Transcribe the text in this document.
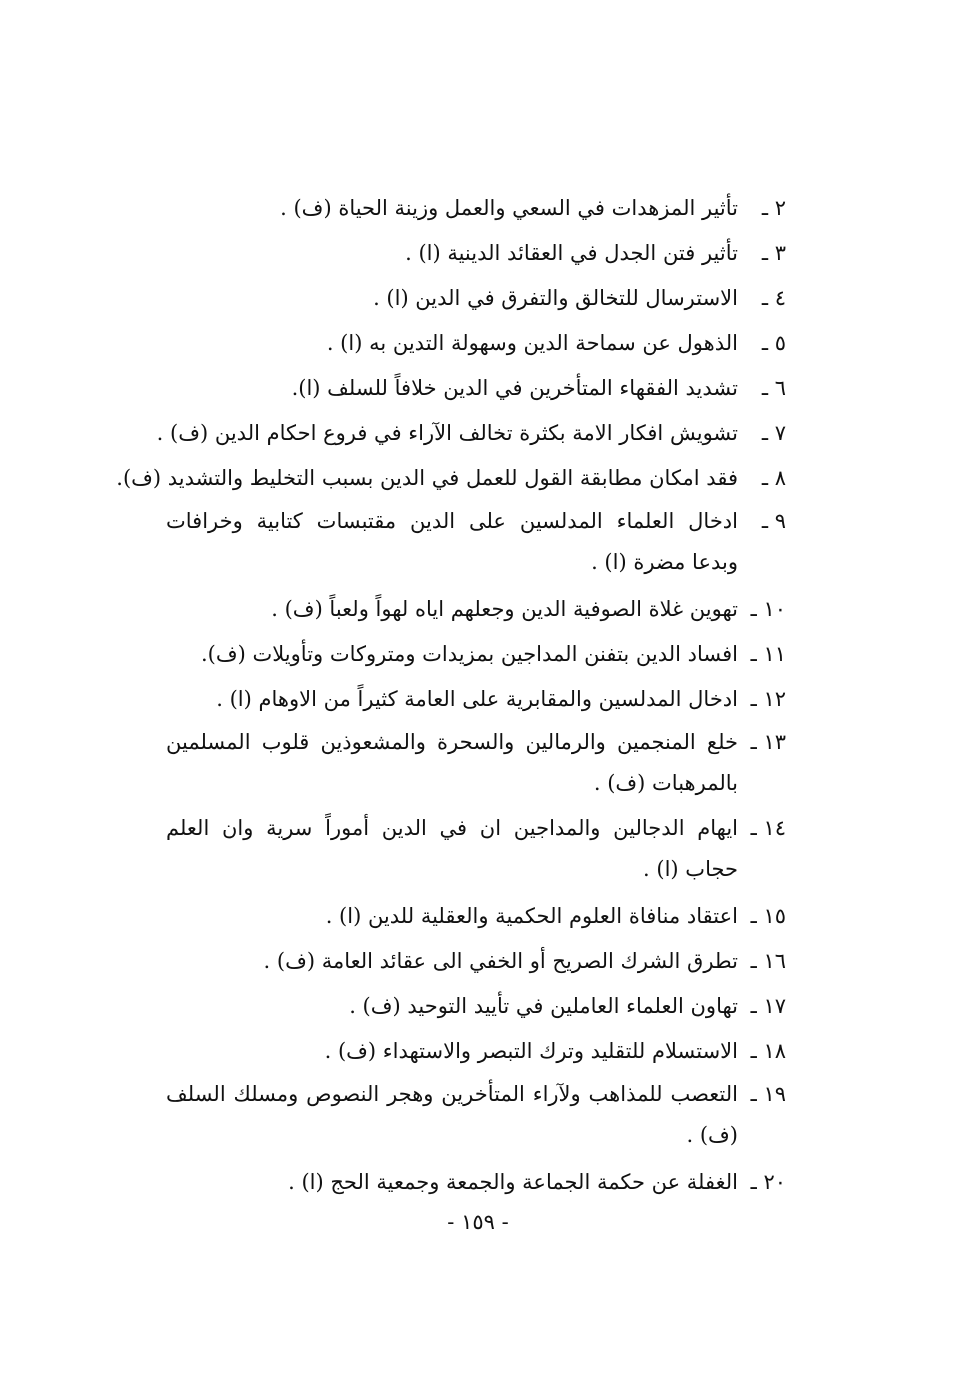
٢ ـ
تأثير المزهدات في السعي والعمل وزينة الحياة (ف) .
٣ ـ
تأثير فتن الجدل في العقائد الدينية (ا) .
٤ ـ
الاسترسال للتخالق والتفرق في الدين (ا) .
٥ ـ
الذهول عن سماحة الدين وسهولة التدين به (ا) .
٦ ـ
تشديد الفقهاء المتأخرين في الدين خلافاً للسلف (ا).
٧ ـ
تشويش افكار الامة بكثرة تخالف الآراء في فروع احكام الدين (ف) .
٨ ـ
فقد امكان مطابقة القول للعمل في الدين بسبب التخليط والتشديد (ف).
٩ ـ
ادخال العلماء المدلسين على الدين مقتبسات كتابية وخرافات وبدعا مضرة (ا) .
١٠ ـ
تهوين غلاة الصوفية الدين وجعلهم اياه لهواً ولعباً (ف) .
١١ ـ
افساد الدين بتفنن المداجين بمزيدات ومتروكات وتأويلات (ف).
١٢ ـ
ادخال المدلسين والمقابرية على العامة كثيراً من الاوهام (ا) .
١٣ ـ
خلع المنجمين والرمالين والسحرة والمشعوذين قلوب المسلمين بالمرهبات (ف) .
١٤ ـ
ايهام الدجالين والمداجين ان في الدين أموراً سرية وان العلم حجاب (ا) .
١٥ ـ
اعتقاد منافاة العلوم الحكمية والعقلية للدين (ا) .
١٦ ـ
تطرق الشرك الصريح أو الخفي الى عقائد العامة (ف) .
١٧ ـ
تهاون العلماء العاملين في تأييد التوحيد (ف) .
١٨ ـ
الاستسلام للتقليد وترك التبصر والاستهداء (ف) .
١٩ ـ
التعصب للمذاهب ولآراء المتأخرين وهجر النصوص ومسلك السلف (ف) .
٢٠ ـ
الغفلة عن حكمة الجماعة والجمعة وجمعية الحج (ا) .
- ١٥٩ -
